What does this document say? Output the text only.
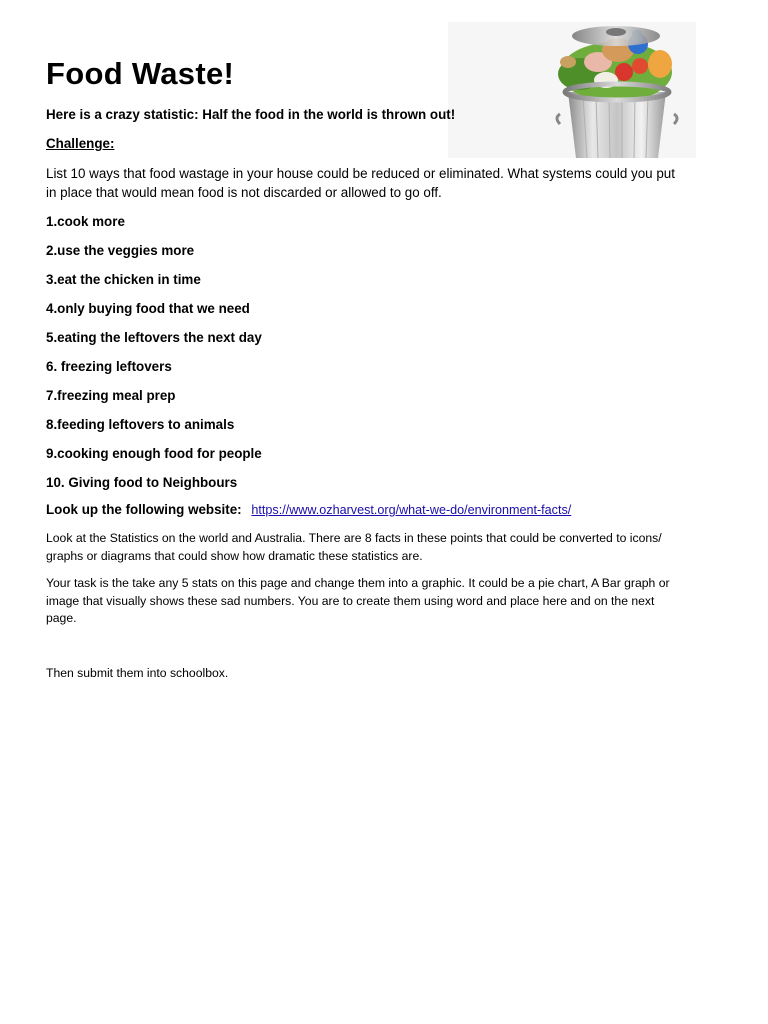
Food Waste!
Here is a crazy statistic: Half the food in the world is thrown out!
Challenge:
List 10 ways that food wastage in your house could be reduced or eliminated. What systems could you put in place that would mean food is not discarded or allowed to go off.
1.cook more
2.use the veggies more
3.eat the chicken in time
4.only buying food that we need
5.eating the leftovers the next day
6. freezing leftovers
7.freezing meal prep
8.feeding leftovers to animals
9.cooking enough food for people
10. Giving food to Neighbours
Look up the following website: https://www.ozharvest.org/what-we-do/environment-facts/
Look at the Statistics on the world and Australia. There are 8 facts in these points that could be converted to icons/ graphs or diagrams that could show how dramatic these statistics are.
Your task is the take any 5 stats on this page and change them into a graphic. It could be a pie chart, A Bar graph or image that visually shows these sad numbers. You are to create them using word and place here and on the next page.
Then submit them into schoolbox.
